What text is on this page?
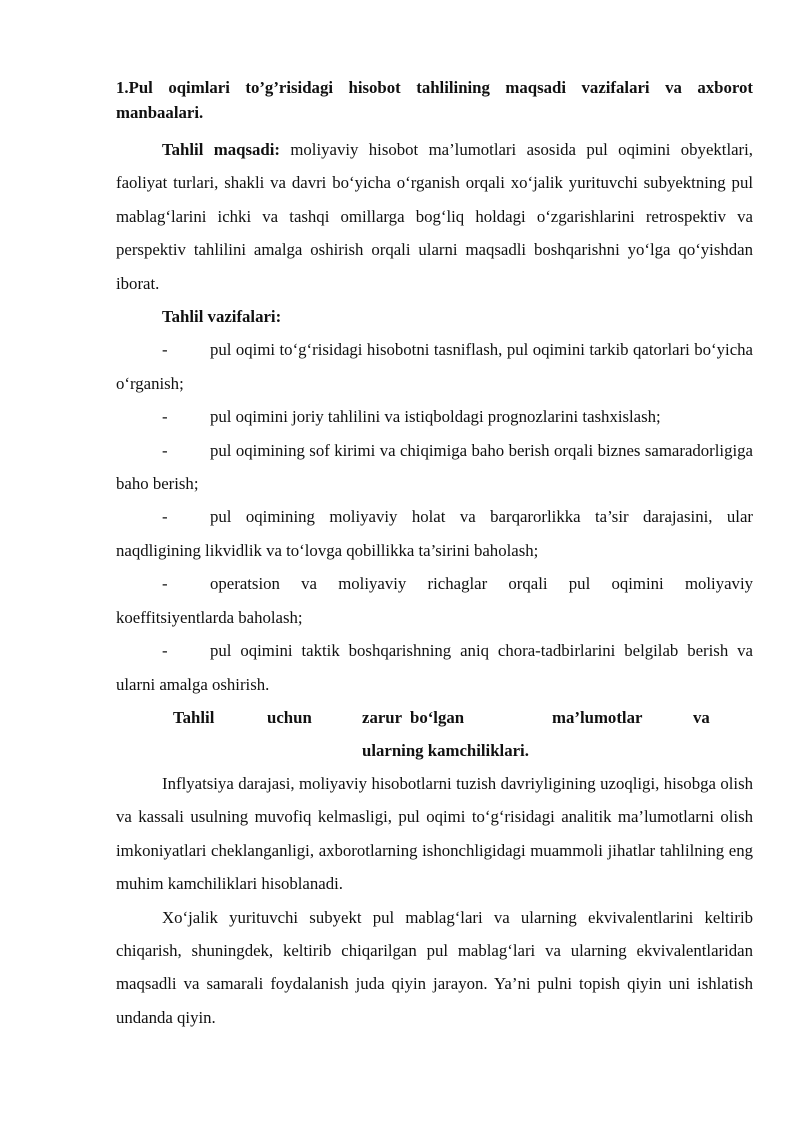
1.Pul oqimlari to’g’risidagi hisobot tahlilining maqsadi vazifalari va axborot manbaalari.

Tahlil maqsadi: moliyaviy hisobot ma’lumotlari asosida pul oqimini obyektlari, faoliyat turlari, shakli va davri bo‘yicha o‘rganish orqali xo‘jalik yurituvchi subyektning pul mablag‘larini ichki va tashqi omillarga bog‘liq holdagi o‘zgarishlarini retrospektiv va perspektiv tahlilini amalga oshirish orqali ularni maqsadli boshqarishni yo‘lga qo‘yishdan iborat.

Tahlil vazifalari:

-	pul oqimi to‘g‘risidagi hisobotni tasniflash, pul oqimini tarkib qatorlari bo‘yicha o‘rganish;

-	pul oqimini joriy tahlilini va istiqboldagi prognozlarini tashxislash;

-	pul oqimining sof kirimi va chiqimiga baho berish orqali biznes samaradorligiga baho berish;

-	pul oqimining moliyaviy holat va barqarorlikka ta’sir darajasini, ular naqdligining likvidlik va to‘lovga qobillikka ta’sirini baholash;

-	operatsion va moliyaviy richaglar orqali pul oqimini moliyaviy koeffitsiyentlarda baholash;

-	pul oqimini taktik boshqarishning aniq chora-tadbirlarini belgilab berish va ularni amalga oshirish.

Tahlil	uchun	zarur bo‘lgan	ma’lumotlar	va
ularning kamchiliklari.

Inflyatsiya darajasi, moliyaviy hisobotlarni tuzish davriyligining uzoqligi, hisobga olish va kassali usulning muvofiq kelmasligi, pul oqimi to‘g‘risidagi analitik ma’lumotlarni olish imkoniyatlari cheklanganligi, axborotlarning ishonchligidagi muammoli jihatlar tahlilning eng muhim kamchiliklari hisoblanadi.

Xo‘jalik yurituvchi subyekt pul mablag‘lari va ularning ekvivalentlarini keltirib chiqarish, shuningdek, keltirib chiqarilgan pul mablag‘lari va ularning ekvivalentlaridan maqsadli va samarali foydalanish juda qiyin jarayon. Ya’ni pulni topish qiyin uni ishlatish undanda qiyin.
